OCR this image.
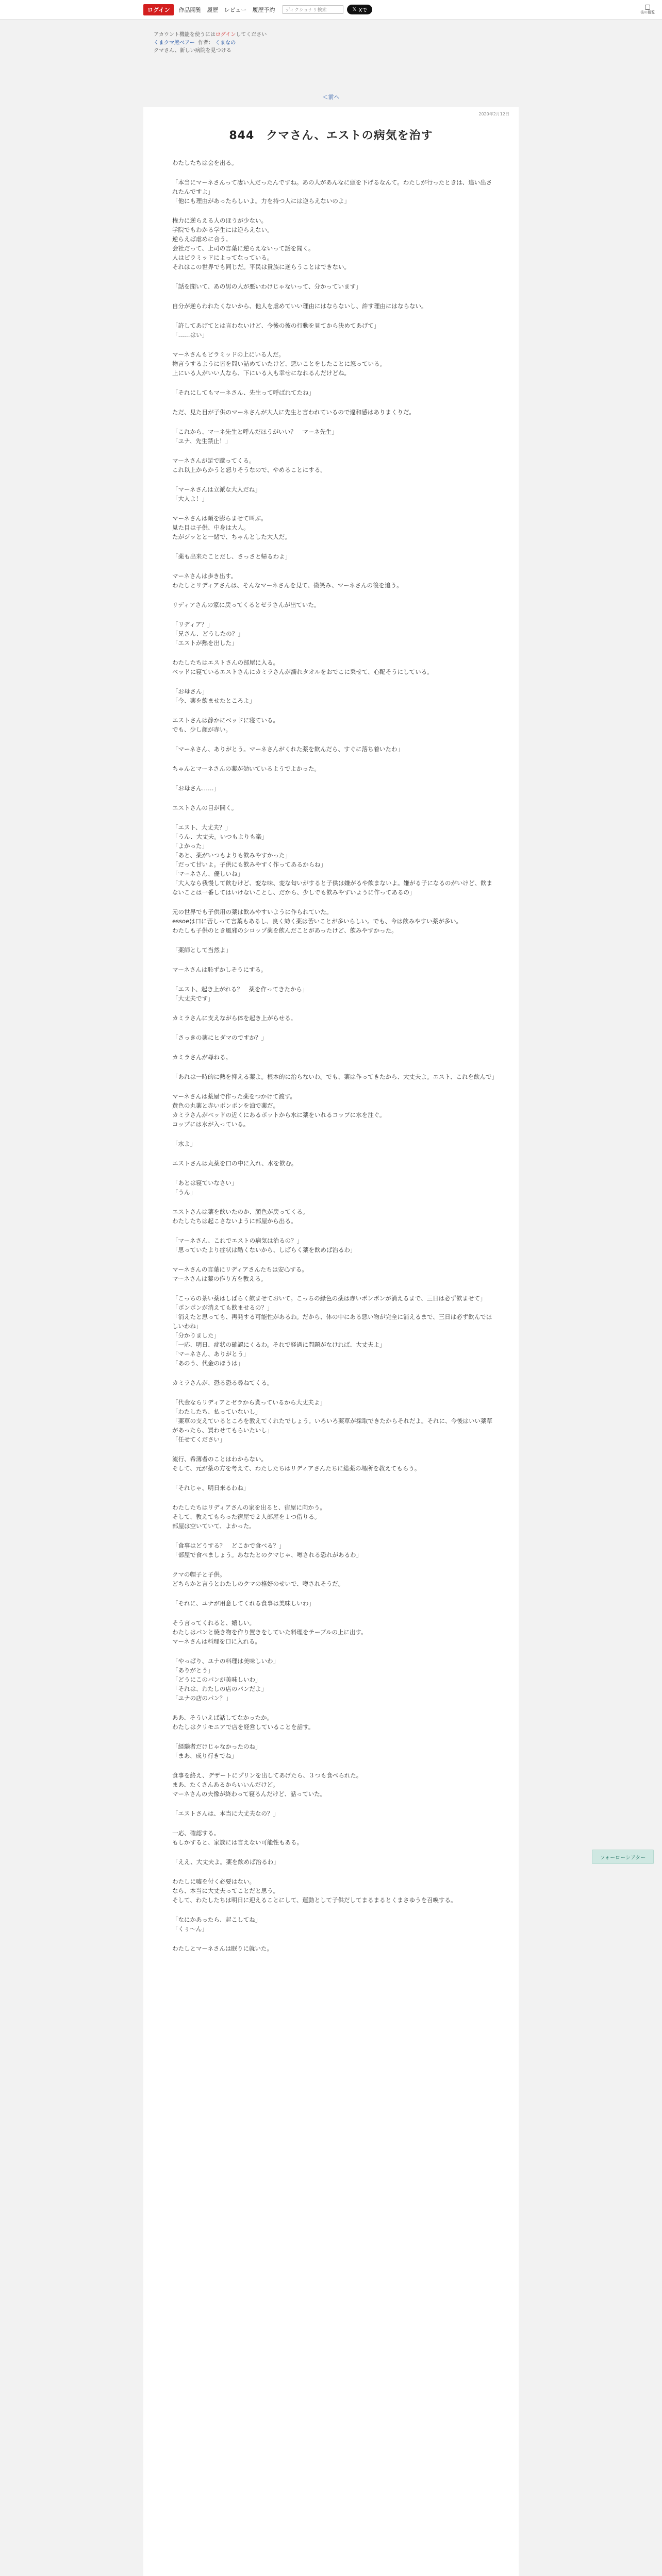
ログイン	作品閲覧 履歴 レビュー 履歴予約	ディクショナリ検索	𝕏 Xで	後の観覧
アカウント機能を使うにはログインしてください
くまクマ熊ベアー 作者： くまなの
クマさん、新しい病院を見つける
＜前へ
2020年2月12日
844　クマさん、エストの病気を治す

わたしたちは会を出る。

「本当にマーネさんって凄い人だったんですね。あの人があんなに頭を下げるなんて。わたしが行ったときは、追い出されたんですよ」

「他にも理由があったらしいよ。力を持つ人には逆らえないのよ」

権力に逆らえる人のほうが少ない。

学院でもわかる学生には逆らえない。

逆らえば虐めに合う。

会社だって、上司の言葉に逆らえないって話を聞く。

人はピラミッドによってなっている。

それはこの世界でも同じだ。平民は貴族に逆らうことはできない。

「話を聞いて、あの男の人が悪いわけじゃないって、分かっています」

自分が逆らわれたくないから、他人を虐めていい理由にはならないし、許す理由にはならない。

「許してあげてとは言わないけど、今後の彼の行動を見てから決めてあげて」

「……はい」

マーネさんもピラミッドの上にいる人だ。

物言うするように皆を問い詰めていたけど、悪いことをしたことに怒っている。

上にいる人がいい人なら、下にいる人も幸せになれるんだけどね。

「それにしてもマーネさん、先生って呼ばれてたね」

ただ、見た目が子供のマーネさんが大人に先生と言われているので違和感はありまくりだ。

「これから、マーネ先生と呼んだほうがいい？　マーネ先生」

「ユナ、先生禁止！」

マーネさんが足で蹴ってくる。

これ以上からかうと怒りそうなので、やめることにする。

「マーネさんは立派な大人だね」

「大人よ！」

マーネさんは頬を膨らませて叫ぶ。

見た目は子供、中身は大人。

たがジッとと一緒で、ちゃんとした大人だ。

「薬も出来たことだし、さっさと帰るわよ」

マーネさんは歩き出す。

わたしとリディアさんは、そんなマーネさんを見て、微笑み、マーネさんの後を追う。

リディアさんの家に戻ってくるとゼラさんが出ていた。

「リディア？」

「兄さん、どうしたの？」

「エストが熱を出した」

わたしたちはエストさんの部屋に入る。

ベッドに寝ているエストさんにカミラさんが濡れタオルをおでこに乗せて、心配そうにしている。

「お母さん」

「今、薬を飲ませたところよ」

エストさんは静かにベッドに寝ている。

でも、少し顔が赤い。

「マーネさん、ありがとう。マーネさんがくれた薬を飲んだら、すぐに落ち着いたわ」

ちゃんとマーネさんの薬が効いているようでよかった。

「お母さん……」

エストさんの目が開く。

「エスト、大丈夫？」

「うん、大丈夫。いつもよりも楽」

「よかった」

「あと、薬がいつもよりも飲みやすかった」

「だって甘いよ。子供にも飲みやすく作ってあるからね」

「マーネさん、優しいね」

「大人なら我慢して飲むけど、変な味、変な匂いがすると子供は嫌がるや飲まないよ。嫌がる子になるのがいけど、飲まないことは一番してはいけないことし、だから、少しでも飲みやすいように作ってあるの」

元の世界でも子供用の薬は飲みやすいように作られていた。

essoeは口に苦しって言葉もあるし、良く効く薬は苦いことが多いらしい。でも、今は飲みやすい薬が多い。

わたしも子供のとき風邪のシロップ薬を飲んだことがあったけど、飲みやすかった。

「薬師として当然よ」

マーネさんは恥ずかしそうにする。

「エスト、起き上がれる？　薬を作ってきたから」

「大丈夫です」

カミラさんに支えながら体を起き上がらせる。

「さっきの薬にヒダマのですか？」

カミラさんが尋ねる。

「あれは一時的に熱を抑える薬よ。根本的に治らないわ。でも、薬は作ってきたから、大丈夫よ。エスト、これを飲んで」

マーネさんは薬屋で作った薬をつかけて渡す。

黄色の丸薬と赤いポンポンを油で薬だ。

カミラさんがベッドの近くにあるポットから水に薬をいれるコップに水を注ぐ。

コップには水が入っている。

「水よ」

エストさんは丸薬を口の中に入れ、水を飲む。

「あとは寝ていなさい」

「うん」

エストさんは薬を飲いたのか、顔色が戻ってくる。

わたしたちは起こさないように部屋から出る。

「マーネさん、これでエストの病気は治るの？」

「思っていたより症状は酷くないから、しばらく薬を飲めば治るわ」

マーネさんの言葉にリディアさんたちは安心する。

マーネさんは薬の作り方を教える。

「こっちの茶い薬はしばらく飲ませておいて。こっちの緑色の薬は赤いポンポンが消えるまで、三日は必ず飲ませて」

「ポンポンが消えても飲ませるの？」

「消えたと思っても、再発する可能性があるわ。だから、体の中にある悪い物が完全に消えるまで、三日は必ず飲んでほしいわね」

「分かりました」

「一応、明日、症状の確認にくるわ。それで経過に問題がなければ、大丈夫よ」

「マーネさん、ありがとう」

「あのう、代金のほうは」

カミラさんが、恐る恐る尋ねてくる。

「代金ならリディアとゼラから貰っているから大丈夫よ」

「わたしたち、払っていないし」

「薬草の支えているところを教えてくれたでしょう。いろいろ薬草が採取できたからそれだよ。それに、今後はいい薬草があったら、買わせてもらいたいし」

「任せてください」

流行、希薄者のことはわからない。

そして、元が薬の方を考えて、わたしたちはリディアさんたちに総薬の場所を教えてもらう。

「それじゃ、明日来るわね」

わたしたちはリディアさんの家を出ると、宿屋に向かう。

そして、教えてもらった宿屋で２人部屋を１つ借りる。

部屋は空いていて、よかった。

「食事はどうする？　どこかで食べる？」

「部屋で食べましょう。あなたとのクマじゃ、噂される恐れがあるわ」

クマの帽子と子供。

どちらかと言うとわたしのクマの格好のせいで、噂されそうだ。

「それに、ユナが用意してくれる食事は美味しいわ」

そう言ってくれると、嬉しい。

わたしはパンと焼き物を作り置きをしていた料理をテーブルの上に出す。

マーネさんは料理を口に入れる。

「やっぱり、ユナの料理は美味しいわ」

「ありがとう」

「どうにこのパンが美味しいわ」

「それは、わたしの店のパンだよ」

「ユナの店のパン？」

ああ、そういえば話してなかったか。

わたしはクリモニアで店を経営していることを話す。

「経験者だけじゃなかったのね」

「まあ、成り行きでね」

食事を終え、デザートにプリンを出してあげたら、３つも食べられた。

まあ、たくさんあるからいいんだけど。

マーネさんの夫像が終わって寝るんだけど、話っていた。

「エストさんは、本当に大丈夫なの？」

一応、確認する。

もしかすると、家族には言えない可能性もある。

「ええ、大丈夫よ。薬を飲めば治るわ」

わたしに嘘を付く必要はない。

なら、本当に大丈夫ってことだと思う。

そして、わたしたちは明日に迎えることにして、運動として子供だしてまるまるとくまさゆうを召喚する。

「なにかあったら、起こしてね」

「くぅ〜ん」

わたしとマーネさんは眠りに就いた。

フォーローシアター
